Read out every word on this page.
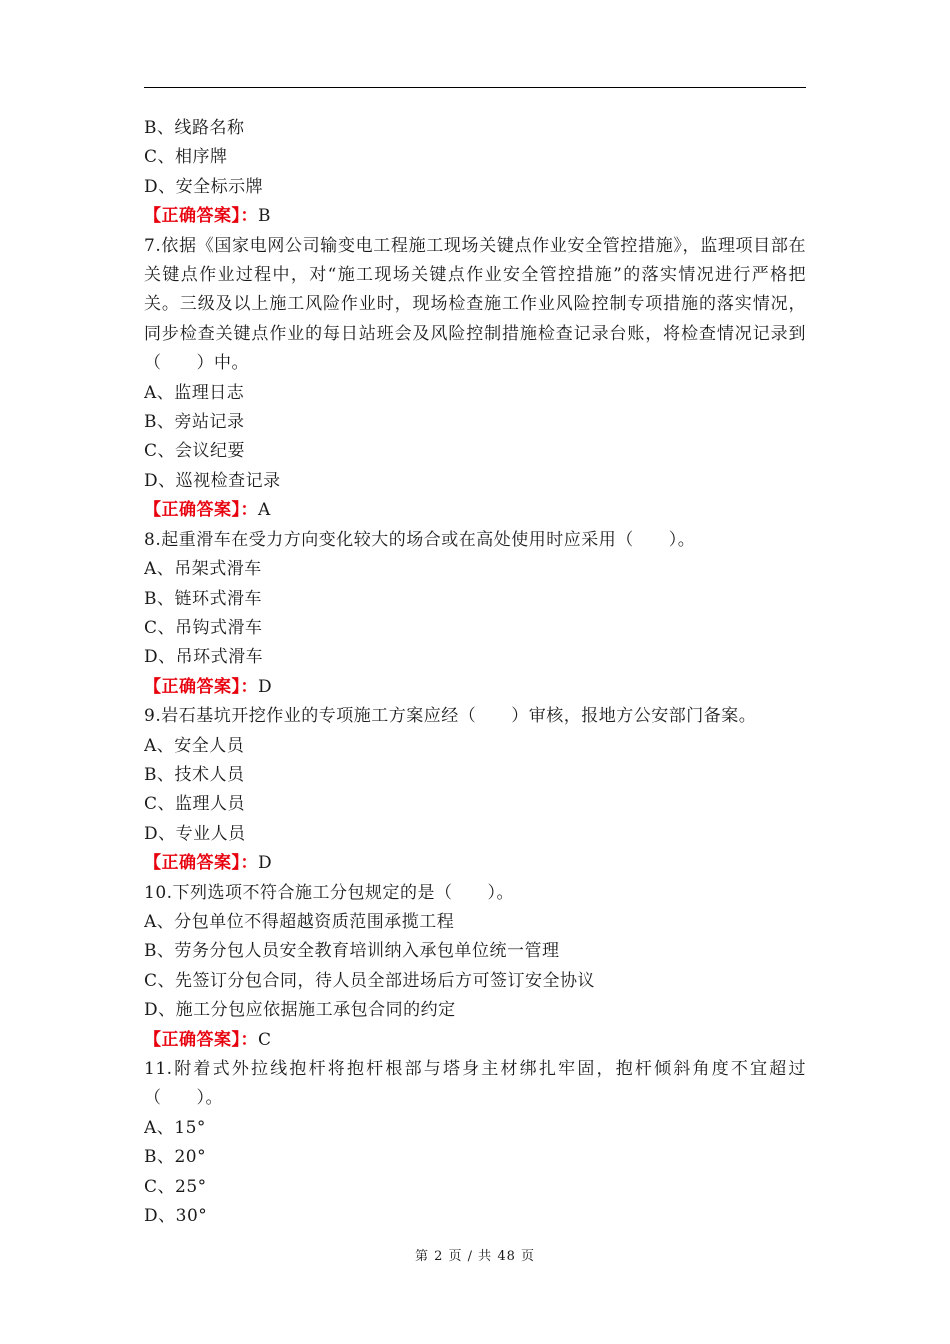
B、线路名称
C、相序牌
D、安全标示牌
【正确答案】：B
7.依据《国家电网公司输变电工程施工现场关键点作业安全管控措施》，监理项目部在关键点作业过程中，对“施工现场关键点作业安全管控措施”的落实情况进行严格把关。三级及以上施工风险作业时，现场检查施工作业风险控制专项措施的落实情况，同步检查关键点作业的每日站班会及风险控制措施检查记录台账，将检查情况记录到（　　）中。
A、监理日志
B、旁站记录
C、会议纪要
D、巡视检查记录
【正确答案】：A
8.起重滑车在受力方向变化较大的场合或在高处使用时应采用（　　）。
A、吊架式滑车
B、链环式滑车
C、吊钩式滑车
D、吊环式滑车
【正确答案】：D
9.岩石基坑开挖作业的专项施工方案应经（　　）审核，报地方公安部门备案。
A、安全人员
B、技术人员
C、监理人员
D、专业人员
【正确答案】：D
10.下列选项不符合施工分包规定的是（　　）。
A、分包单位不得超越资质范围承揽工程
B、劳务分包人员安全教育培训纳入承包单位统一管理
C、先签订分包合同，待人员全部进场后方可签订安全协议
D、施工分包应依据施工承包合同的约定
【正确答案】：C
11.附着式外拉线抱杆将抱杆根部与塔身主材绑扎牢固，抱杆倾斜角度不宜超过（　　）。
A、15°
B、20°
C、25°
D、30°
第 2 页 / 共 48 页
